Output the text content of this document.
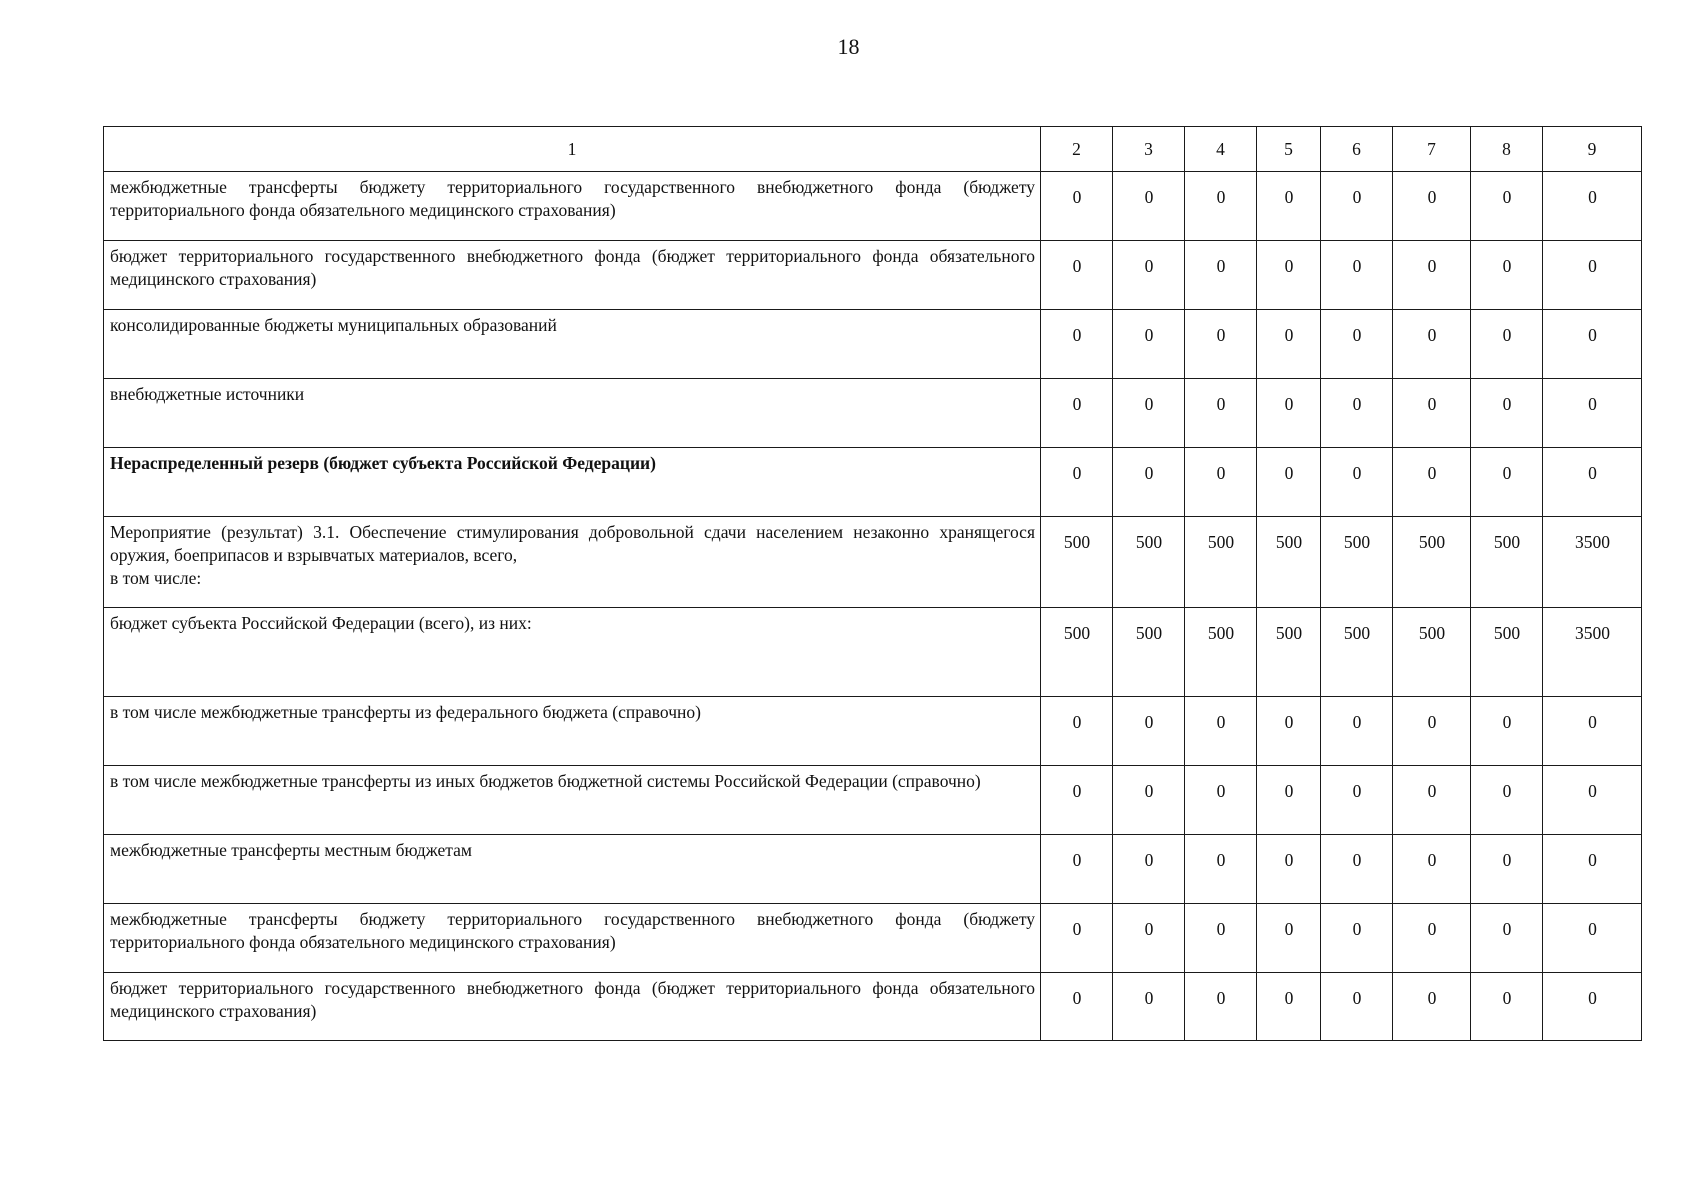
18
1	2	3	4	5	6	7	8	9
межбюджетные трансферты бюджету территориального государственного внебюджетного фонда (бюджету территориального фонда обязательного медицинского страхования)	0	0	0	0	0	0	0	0
бюджет территориального государственного внебюджетного фонда (бюджет территориального фонда обязательного медицинского страхования)	0	0	0	0	0	0	0	0
консолидированные бюджеты муниципальных образований	0	0	0	0	0	0	0	0
внебюджетные источники	0	0	0	0	0	0	0	0
Нераспределенный резерв (бюджет субъекта Российской Федерации)	0	0	0	0	0	0	0	0

Мероприятие (результат) 3.1. Обеспечение стимулирования добровольной сдачи населением незаконно хранящегося оружия, боеприпасов и взрывчатых материалов, всего,
в том числе:	500	500	500	500	500	500	500	3500
бюджет субъекта Российской Федерации (всего), из них:	500	500	500	500	500	500	500	3500
в том числе межбюджетные трансферты из федерального бюджета (справочно)	0	0	0	0	0	0	0	0
в том числе межбюджетные трансферты из иных бюджетов бюджетной системы Российской Федерации (справочно)	0	0	0	0	0	0	0	0
межбюджетные трансферты местным бюджетам	0	0	0	0	0	0	0	0
межбюджетные трансферты бюджету территориального государственного внебюджетного фонда (бюджету территориального фонда обязательного медицинского страхования)	0	0	0	0	0	0	0	0
бюджет территориального государственного внебюджетного фонда (бюджет территориального фонда обязательного медицинского страхования)	0	0	0	0	0	0	0	0
